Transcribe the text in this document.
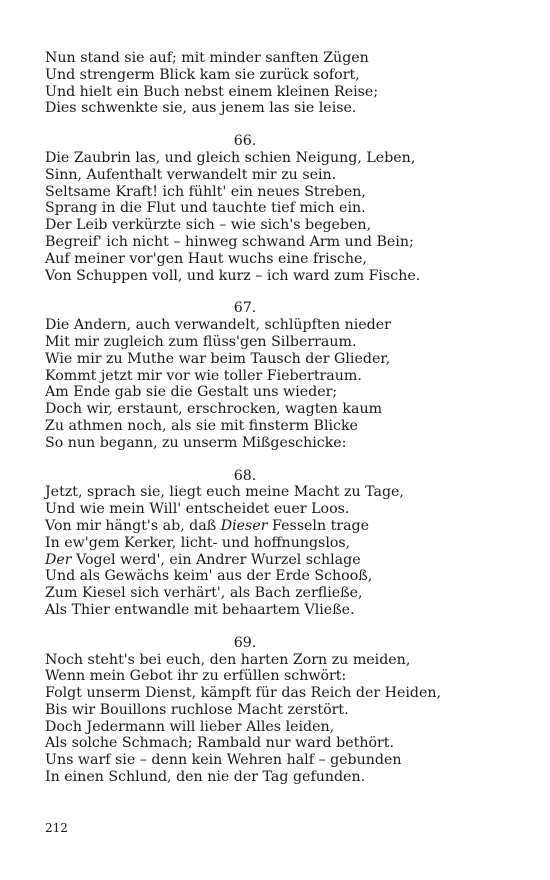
Nun stand sie auf; mit minder sanften Zügen
Und strengerm Blick kam sie zurück sofort,
Und hielt ein Buch nebst einem kleinen Reise;
Dies schwenkte sie, aus jenem las sie leise.
66.
Die Zaubrin las, und gleich schien Neigung, Leben,
Sinn, Aufenthalt verwandelt mir zu sein.
Seltsame Kraft! ich fühlt' ein neues Streben,
Sprang in die Flut und tauchte tief mich ein.
Der Leib verkürzte sich – wie sich's begeben,
Begreif' ich nicht – hinweg schwand Arm und Bein;
Auf meiner vor'gen Haut wuchs eine frische,
Von Schuppen voll, und kurz – ich ward zum Fische.
67.
Die Andern, auch verwandelt, schlüpften nieder
Mit mir zugleich zum flüss'gen Silberraum.
Wie mir zu Muthe war beim Tausch der Glieder,
Kommt jetzt mir vor wie toller Fiebertraum.
Am Ende gab sie die Gestalt uns wieder;
Doch wir, erstaunt, erschrocken, wagten kaum
Zu athmen noch, als sie mit finsterm Blicke
So nun begann, zu unserm Mißgeschicke:
68.
Jetzt, sprach sie, liegt euch meine Macht zu Tage,
Und wie mein Will' entscheidet euer Loos.
Von mir hängt's ab, daß Dieser Fesseln trage
In ew'gem Kerker, licht- und hoffnungslos,
Der Vogel werd', ein Andrer Wurzel schlage
Und als Gewächs keim' aus der Erde Schooß,
Zum Kiesel sich verhärt', als Bach zerfließe,
Als Thier entwandle mit behaartem Vließe.
69.
Noch steht's bei euch, den harten Zorn zu meiden,
Wenn mein Gebot ihr zu erfüllen schwört:
Folgt unserm Dienst, kämpft für das Reich der Heiden,
Bis wir Bouillons ruchlose Macht zerstört.
Doch Jedermann will lieber Alles leiden,
Als solche Schmach; Rambald nur ward bethört.
Uns warf sie – denn kein Wehren half – gebunden
In einen Schlund, den nie der Tag gefunden.
212
